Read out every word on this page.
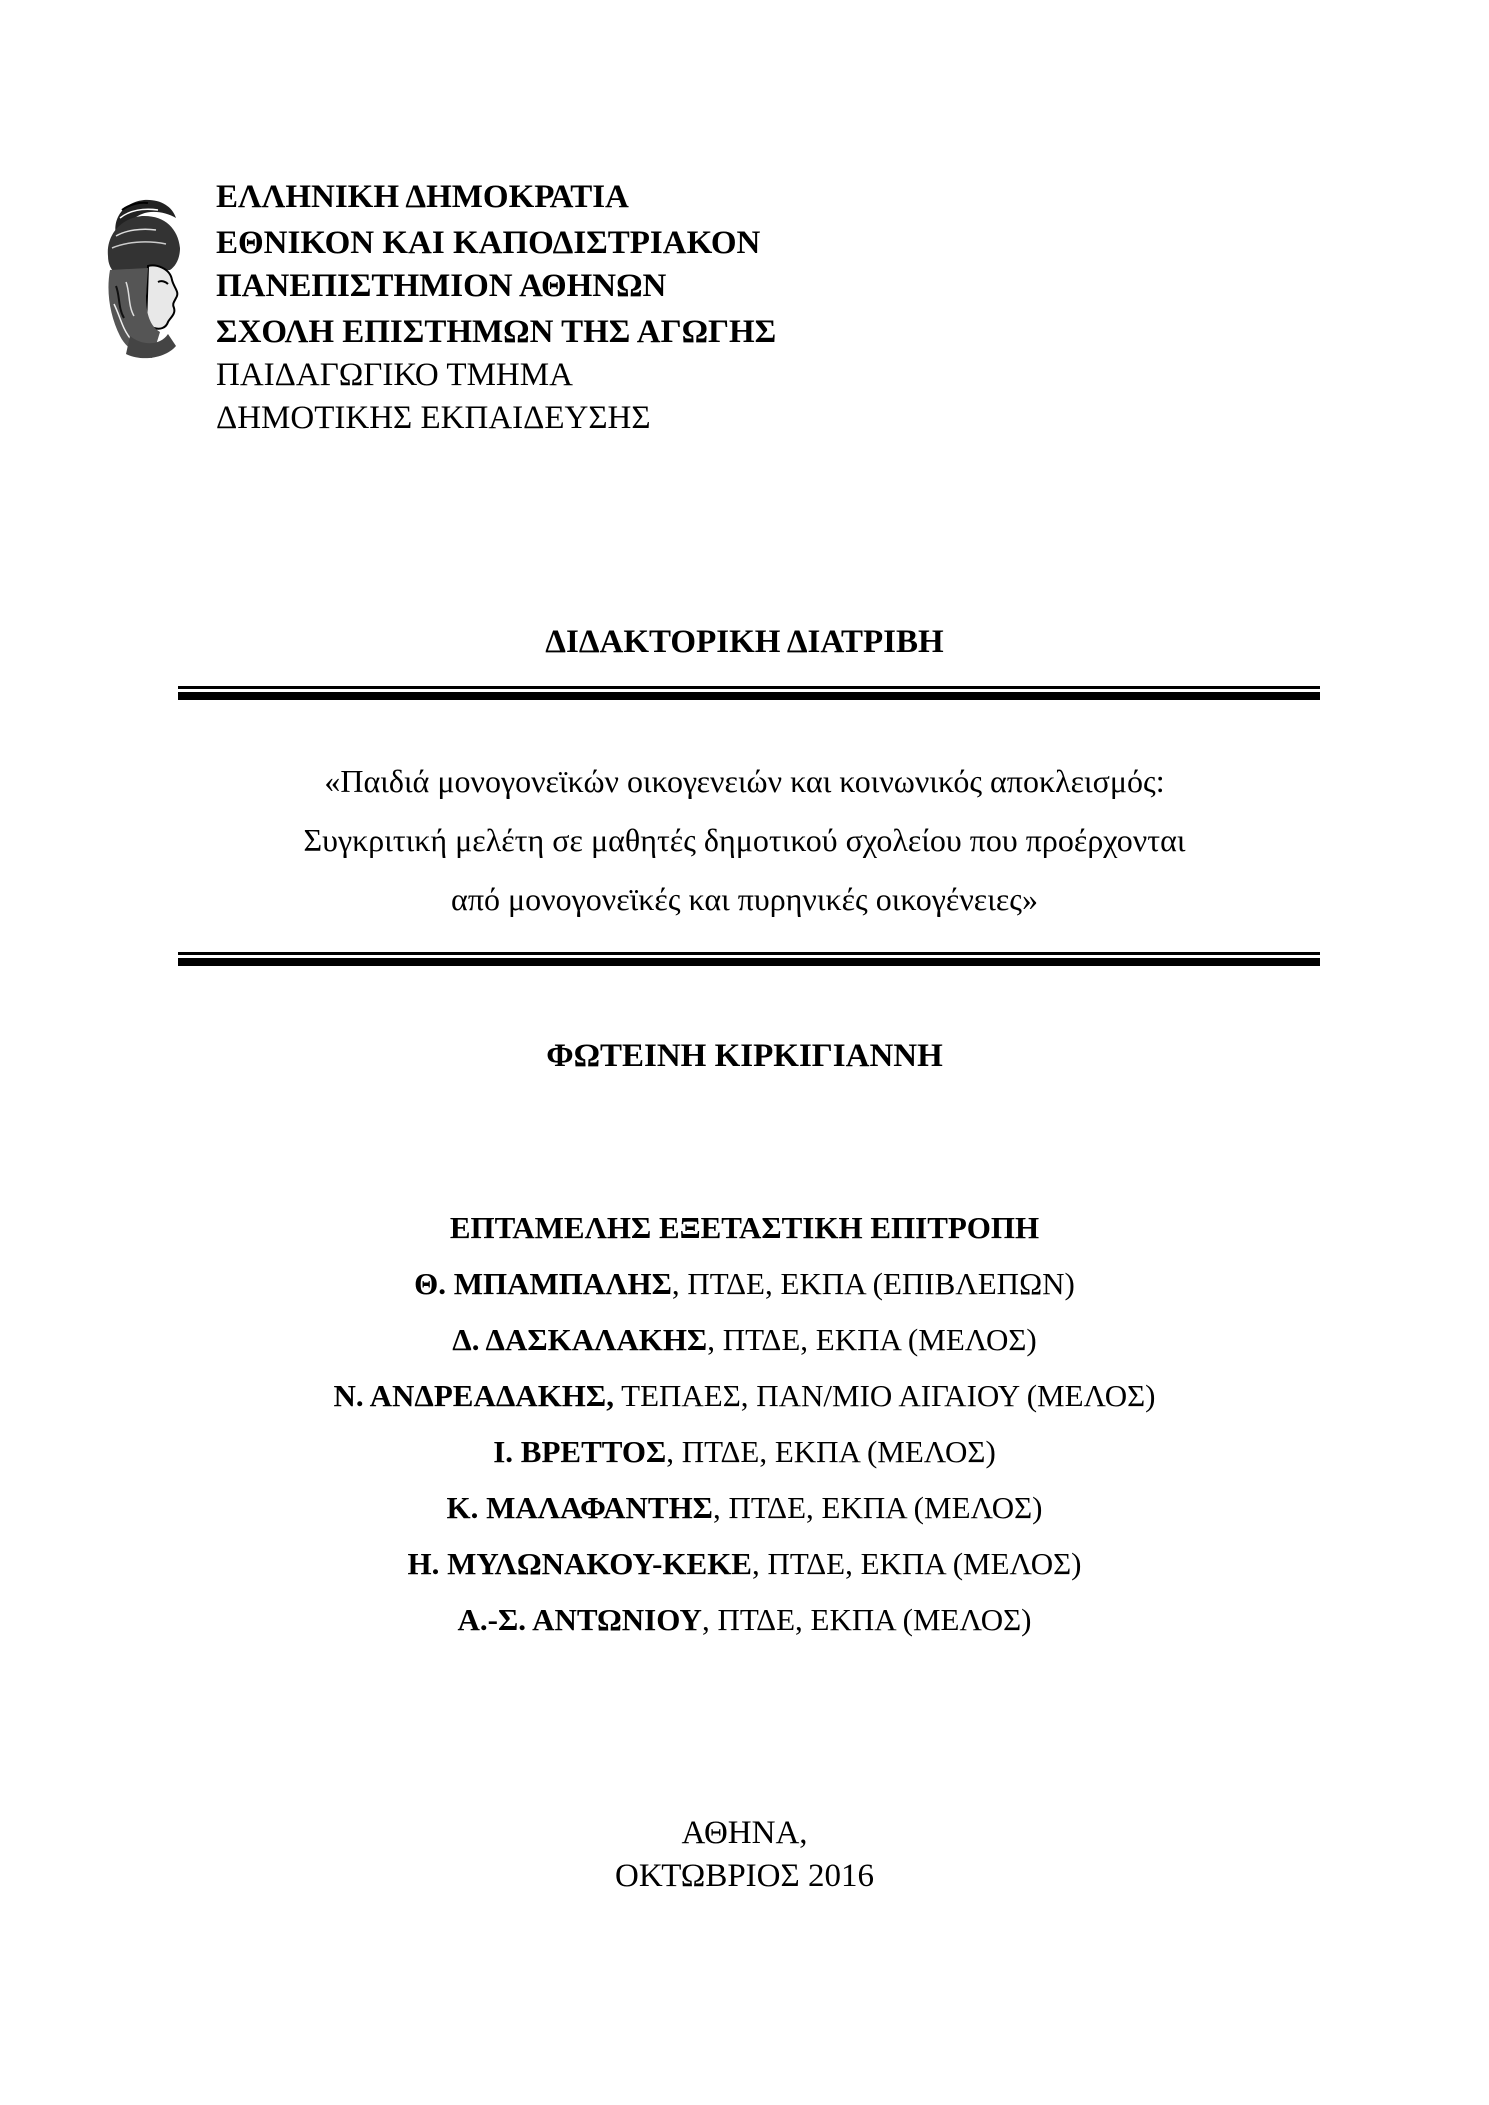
ΕΛΛΗΝΙΚΗ ΔΗΜΟΚΡΑΤΙΑ
ΕΘΝΙΚΟΝ ΚΑΙ ΚΑΠΟΔΙΣΤΡΙΑΚΟΝ
ΠΑΝΕΠΙΣΤΗΜΙΟΝ ΑΘΗΝΩΝ
ΣΧΟΛΗ ΕΠΙΣΤΗΜΩΝ ΤΗΣ ΑΓΩΓΗΣ
ΠΑΙΔΑΓΩΓΙΚΟ ΤΜΗΜΑ
ΔΗΜΟΤΙΚΗΣ ΕΚΠΑΙΔΕΥΣΗΣ
ΔΙΔΑΚΤΟΡΙΚΗ ΔΙΑΤΡΙΒΗ
«Παιδιά μονογονεϊκών οικογενειών και κοινωνικός αποκλεισμός:
Συγκριτική μελέτη σε μαθητές δημοτικού σχολείου που προέρχονται
από μονογονεϊκές και πυρηνικές οικογένειες»
ΦΩΤΕΙΝΗ ΚΙΡΚΙΓΙΑΝΝΗ
ΕΠΤΑΜΕΛΗΣ ΕΞΕΤΑΣΤΙΚΗ ΕΠΙΤΡΟΠΗ
Θ. ΜΠΑΜΠΑΛΗΣ, ΠΤΔΕ, ΕΚΠΑ (ΕΠΙΒΛΕΠΩΝ)
Δ. ΔΑΣΚΑΛΑΚΗΣ, ΠΤΔΕ, ΕΚΠΑ (ΜΕΛΟΣ)
Ν. ΑΝΔΡΕΑΔΑΚΗΣ, ΤΕΠΑΕΣ, ΠΑΝ/ΜΙΟ ΑΙΓΑΙΟΥ (ΜΕΛΟΣ)
Ι. ΒΡΕΤΤΟΣ, ΠΤΔΕ, ΕΚΠΑ (ΜΕΛΟΣ)
Κ. ΜΑΛΑΦΑΝΤΗΣ, ΠΤΔΕ, ΕΚΠΑ (ΜΕΛΟΣ)
Η. ΜΥΛΩΝΑΚΟΥ-ΚΕΚΕ, ΠΤΔΕ, ΕΚΠΑ (ΜΕΛΟΣ)
Α.-Σ. ΑΝΤΩΝΙΟΥ, ΠΤΔΕ, ΕΚΠΑ (ΜΕΛΟΣ)
ΑΘΗΝΑ,
ΟΚΤΩΒΡΙΟΣ 2016
